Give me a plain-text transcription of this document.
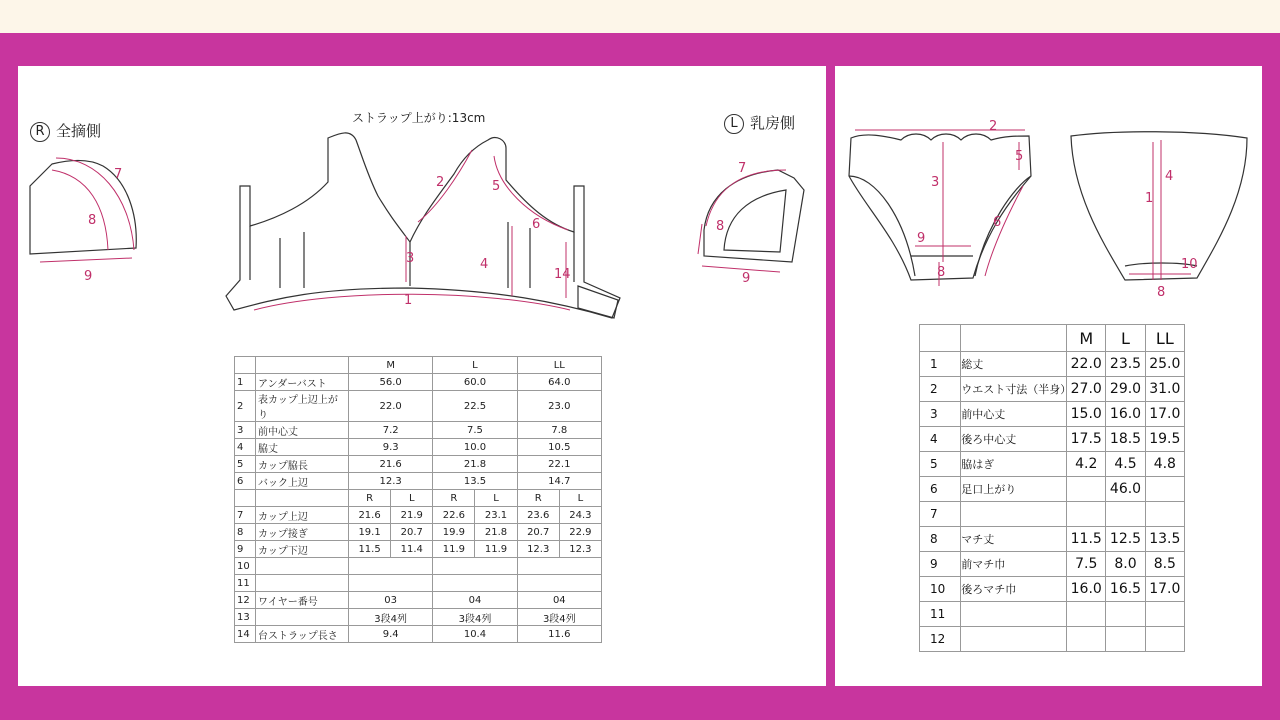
R 全摘側	L 乳房側
ストラップ上がり:13cm
7
8
9
1
2	5
6
3	4
14
7
8
9
		M		L		LL	
1	アンダーバスト	56.0		60.0		64.0	
2	表カップ上辺上がり	22.0		22.5		23.0	
3	前中心丈	7.2		7.5		7.8	
4	脇丈	9.3		10.0		10.5	
5	カップ脇長	21.6		21.8		22.1	
6	バック上辺	12.3		13.5		14.7	
		R	L	R	L	R	L
7	カップ上辺	21.6	21.9	22.6	23.1	23.6	24.3
8	カップ接ぎ	19.1	20.7	19.9	21.8	20.7	22.9
9	カップ下辺	11.5	11.4	11.9	11.9	12.3	12.3
10							
11							
12	ワイヤー番号	03		04		04	
13		3段4列		3段4列		3段4列	
14	台ストラップ長さ	9.4		10.4		11.6	
2
5
3
6
9
8
4
1
10
8
		M	L	LL
1	総丈	22.0	23.5	25.0
2	ウエスト寸法（半身）	27.0	29.0	31.0
3	前中心丈	15.0	16.0	17.0
4	後ろ中心丈	17.5	18.5	19.5
5	脇はぎ	4.2	4.5	4.8
6	足口上がり		46.0	
7				
8	マチ丈	11.5	12.5	13.5
9	前マチ巾	7.5	8.0	8.5
10	後ろマチ巾	16.0	16.5	17.0
11				
12				
